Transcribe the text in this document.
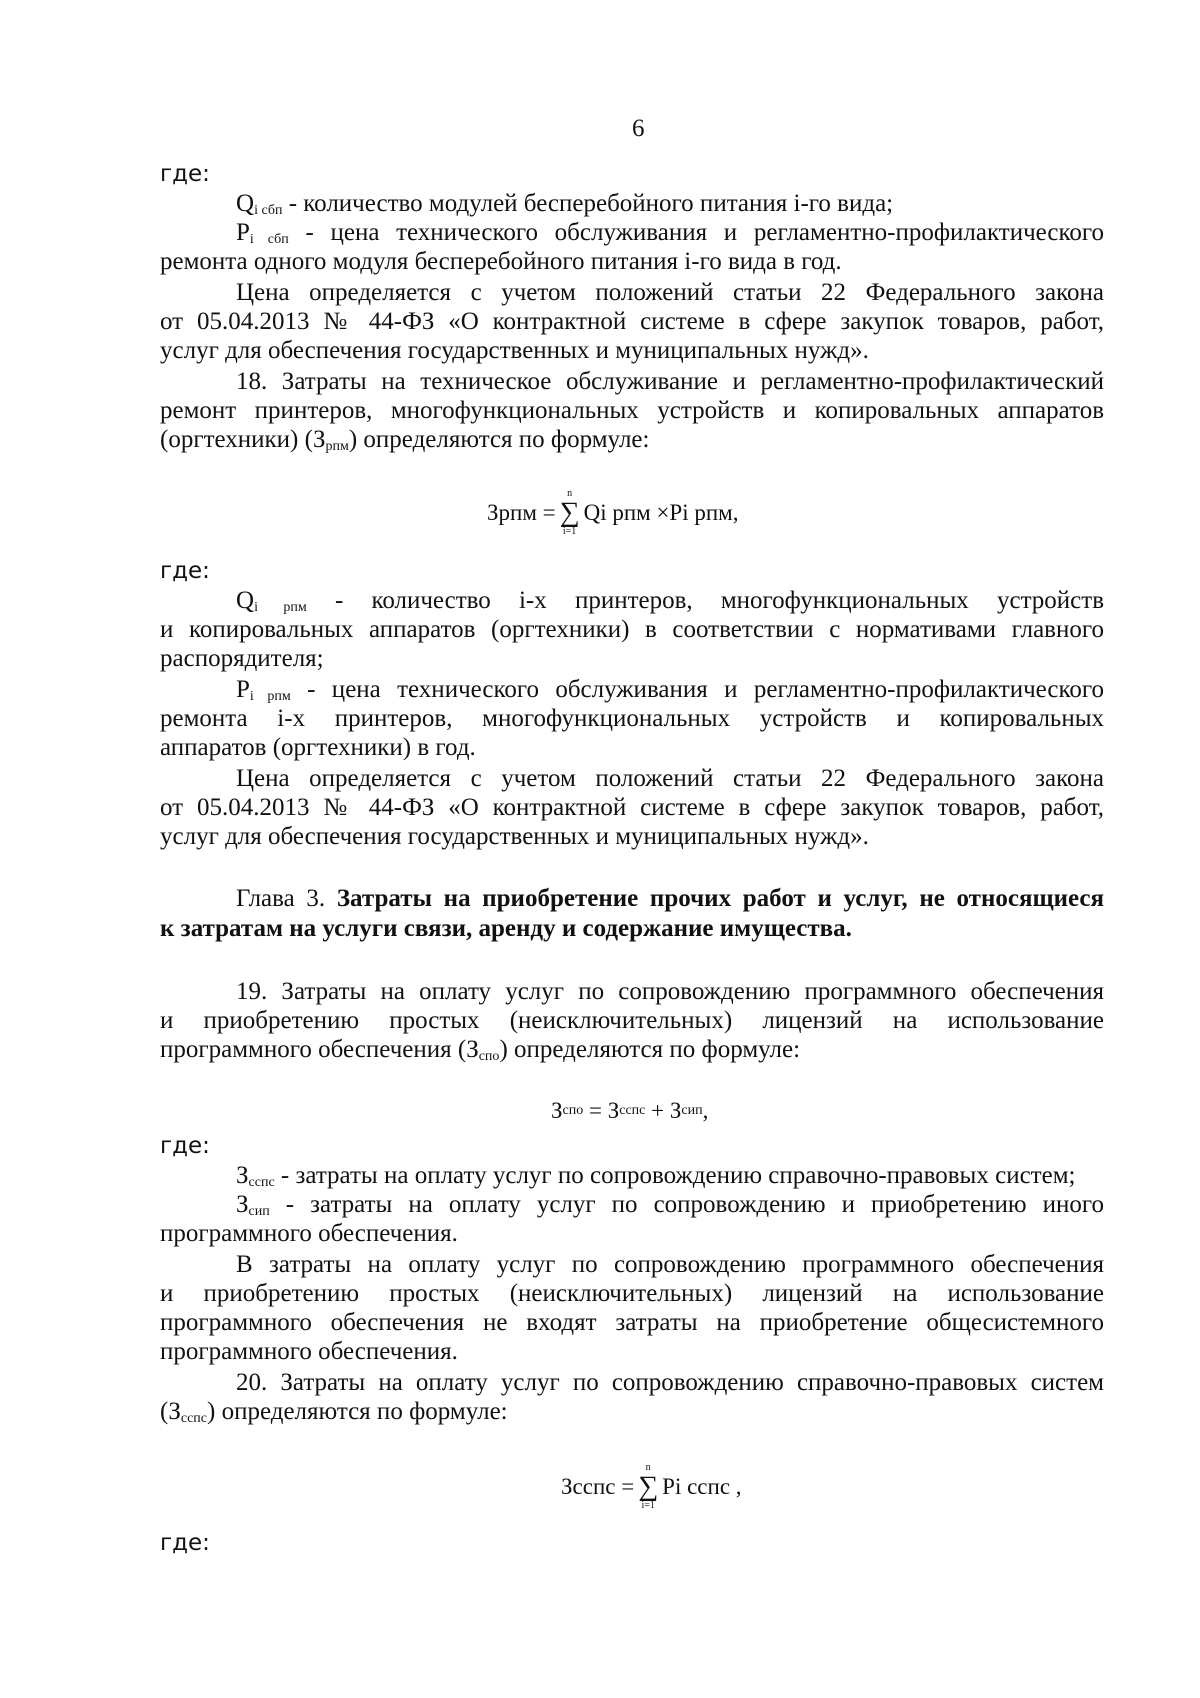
6
где:
$Q_{i сбп}$ - количество модулей бесперебойного питания i-го вида;
$P_{i сбп}$ - цена технического обслуживания и регламентно-профилактического
ремонта одного модуля бесперебойного питания i-го вида в год.
Цена определяется с учетом положений статьи 22 Федерального закона
от 05.04.2013 № 44-ФЗ «О контрактной системе в сфере закупок товаров, работ,
услуг для обеспечения государственных и муниципальных нужд».
18. Затраты на техническое обслуживание и регламентно-профилактический
ремонт принтеров, многофункциональных устройств и копировальных аппаратов
(оргтехники) $(З_{рпм})$ определяются по формуле:
Зрпм =
n
∑
i=1
Qi рпм ×Pi рпм,
где:
$Q_{i рпм}$ - количество i-х принтеров, многофункциональных устройств
и копировальных аппаратов (оргтехники) в соответствии с нормативами главного
распорядителя;
$P_{i рпм}$ - цена технического обслуживания и регламентно-профилактического
ремонта i-х принтеров, многофункциональных устройств и копировальных
аппаратов (оргтехники) в год.
Цена определяется с учетом положений статьи 22 Федерального закона
от 05.04.2013 № 44-ФЗ «О контрактной системе в сфере закупок товаров, работ,
услуг для обеспечения государственных и муниципальных нужд».
Глава 3. Затраты на приобретение прочих работ и услуг, не относящиеся
к затратам на услуги связи, аренду и содержание имущества.
19. Затраты на оплату услуг по сопровождению программного обеспечения
и приобретению простых (неисключительных) лицензий на использование
программного обеспечения $(З_{спо})$ определяются по формуле:
З спо = З сспс + З сип ,
где:
$З_{сспс}$ - затраты на оплату услуг по сопровождению справочно-правовых систем;
$З_{сип}$ - затраты на оплату услуг по сопровождению и приобретению иного
программного обеспечения.
В затраты на оплату услуг по сопровождению программного обеспечения
и приобретению простых (неисключительных) лицензий на использование
программного обеспечения не входят затраты на приобретение общесистемного
программного обеспечения.
20. Затраты на оплату услуг по сопровождению справочно-правовых систем
$(З_{сспс})$ определяются по формуле:
Зсспс =
n
∑
i=1
Pi сспс ,
где:
